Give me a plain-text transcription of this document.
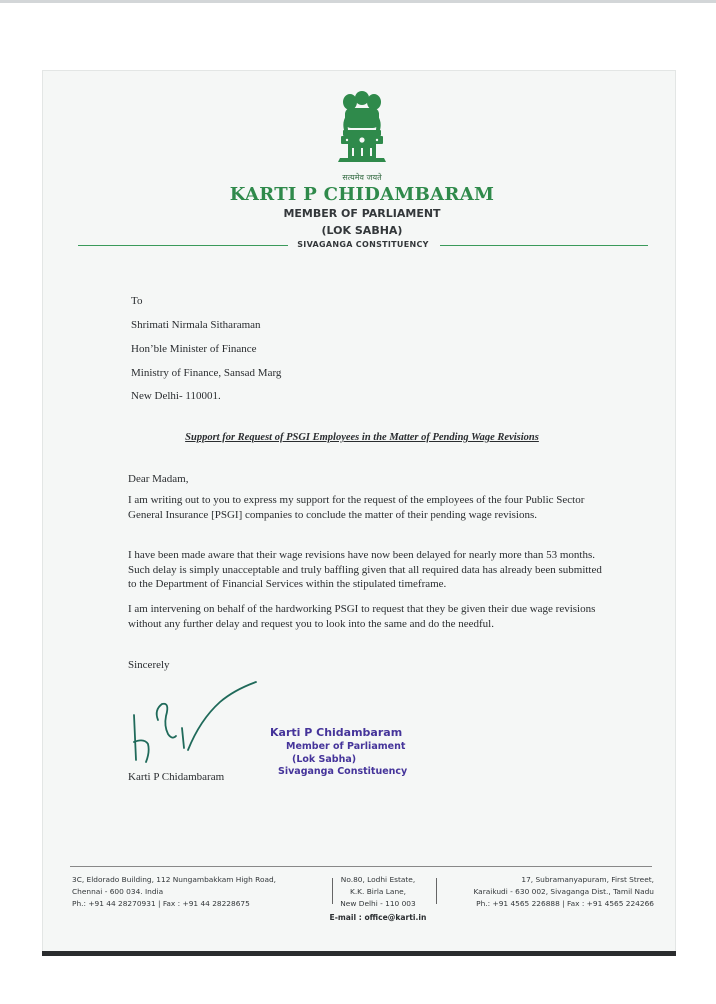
सत्यमेव जयते
KARTI P CHIDAMBARAM
MEMBER OF PARLIAMENT
(LOK SABHA)
SIVAGANGA CONSTITUENCY
To
Shrimati Nirmala Sitharaman
Hon’ble Minister of Finance
Ministry of Finance, Sansad Marg
New Delhi- 110001.
Support for Request of PSGI Employees in the Matter of Pending Wage Revisions
Dear Madam,
I am writing out to you to express my support for the request of the employees of the four Public Sector General Insurance [PSGI] companies to conclude the matter of their pending wage revisions.
I have been made aware that their wage revisions have now been delayed for nearly more than 53 months. Such delay is simply unacceptable and truly baffling given that all required data has already been submitted to the Department of Financial Services within the stipulated timeframe.
I am intervening on behalf of the hardworking PSGI to request that they be given their due wage revisions without any further delay and request you to look into the same and do the needful.
Sincerely
Karti P Chidambaram
Karti P Chidambaram
Member of Parliament
(Lok Sabha)
Sivaganga Constituency
3C, Eldorado Building, 112 Nungambakkam High Road,
Chennai - 600 034. India
Ph.: +91 44 28270931 | Fax : +91 44 28228675
No.80, Lodhi Estate,
K.K. Birla Lane,
New Delhi - 110 003
17, Subramanyapuram, First Street,
Karaikudi - 630 002, Sivaganga Dist., Tamil Nadu
Ph.: +91 4565 226888 | Fax : +91 4565 224266
E-mail : office@karti.in
